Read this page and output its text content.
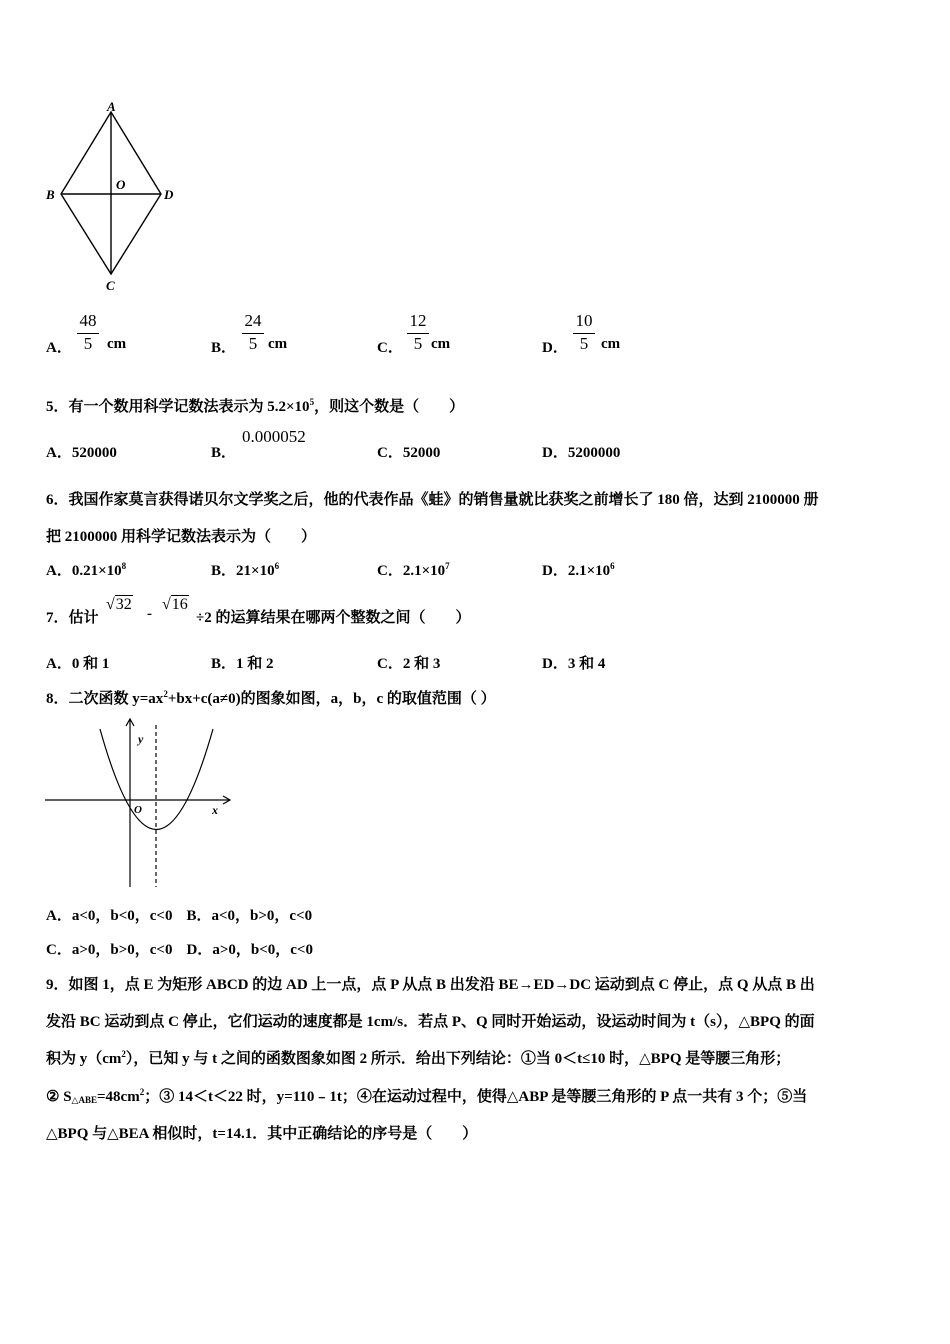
A
B
C
D
O
A．
48
5 cm	B．
24
5 cm	C．
12
5 cm	D．
10
5 cm
5．有一个数用科学记数法表示为 $5.2\times 10^5$，则这个数是（　　）
A．520000	B．
0.000052
C．52000	D．5200000
6．我国作家莫言获得诺贝尔文学奖之后，他的代表作品《蛙》的销售量就比获奖之前增长了 180 倍，达到 2100000 册
把 2100000 用科学记数法表示为（　　）
A．$0.21\times 10^8$	B．$21\times 10^6$	C．$2.1\times 10^7$	D．$2.1\times 10^6$
7．估计
√32
-
√16
÷2 的运算结果在哪两个整数之间（　　）
A．0 和 1	B．1 和 2	C．2 和 3	D．3 和 4
8．二次函数 $y=ax^2+bx+c(a\ne 0)$的图象如图，a，b，c 的取值范围（ ）
y
O	x
A．a<0，b<0，c<0 B．a<0，b>0，c<0
C．a>0，b>0，c<0 D．a>0，b<0，c<0
9．如图 1，点 E 为矩形 ABCD 的边 AD 上一点，点 P 从点 B 出发沿 BE→ED→DC 运动到点 C 停止，点 Q 从点 B 出
发沿 BC 运动到点 C 停止，它们运动的速度都是 1cm/s．若点 P、Q 同时开始运动，设运动时间为 t（s），△BPQ 的面
积为 $y(cm^2)$，已知 y 与 t 之间的函数图象如图 2 所示．给出下列结论：①当 0＜t≤10 时，△BPQ 是等腰三角形；
② $S_{\triangle ABE}=48cm^2$；③ 14＜t＜22 时，y=110﹣1t；④在运动过程中，使得△ABP 是等腰三角形的 P 点一共有 3 个；⑤当
△BPQ 与△BEA 相似时，t=14.1．其中正确结论的序号是（　　）
